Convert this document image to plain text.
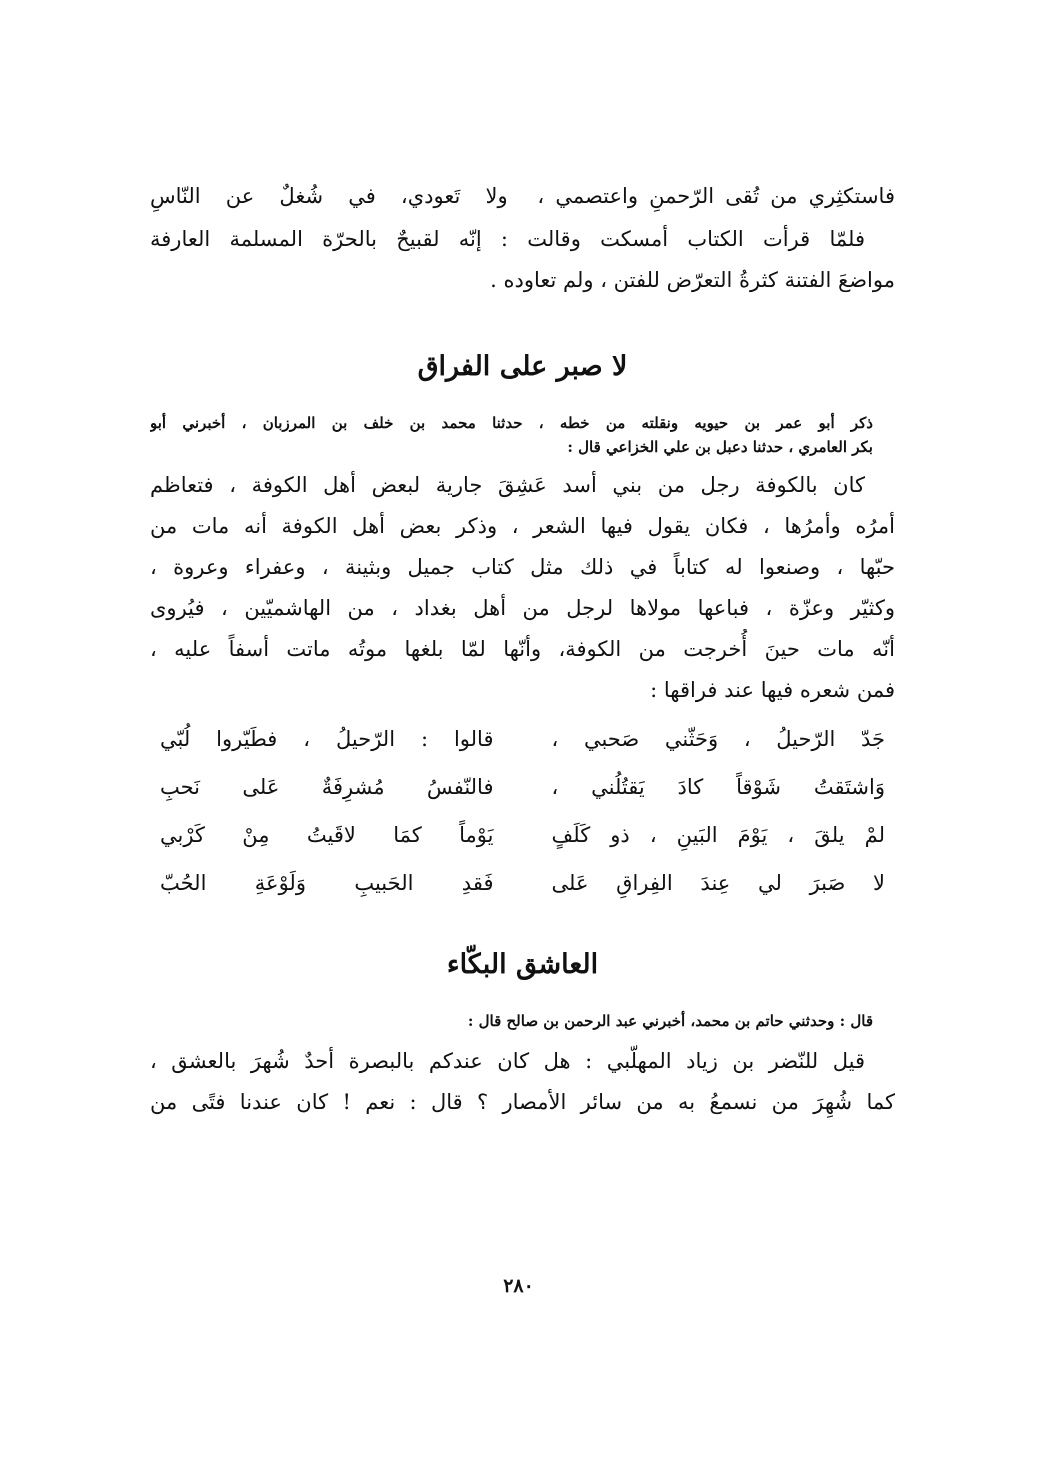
فاستكثِري من تُقى الرّحمنِ واعتصمي ،
ولا تَعودي، في شُغلٌ عن النّاسِ
فلمّا قرأت الكتاب أمسكت وقالت : إنّه لقبيحٌ بالحرّة المسلمة العارفة
مواضعَ الفتنة كثرةُ التعرّض للفتن ، ولم تعاوده .
لا صبر على الفراق
ذكر أبو عمر بن حيويه ونقلته من خطه ، حدثنا محمد بن خلف بن المرزبان ، أخبرني أبو
بكر العامري ، حدثنا دعبل بن علي الخزاعي قال :
كان بالكوفة رجل من بني أسد عَشِقَ جارية لبعض أهل الكوفة ، فتعاظم
أمرُه وأمرُها ، فكان يقول فيها الشعر ، وذكر بعض أهل الكوفة أنه مات من
حبّها ، وصنعوا له كتاباً في ذلك مثل كتاب جميل وبثينة ، وعفراء وعروة ،
وكثيّر وعزّة ، فباعها مولاها لرجل من أهل بغداد ، من الهاشميّين ، فيُروى
أنّه مات حينَ أُخرجت من الكوفة، وأنّها لمّا بلغها موتُه ماتت أسفاً عليه ،
فمن شعره فيها عند فراقها :
جَدّ الرّحيلُ ، وَحَثّني صَحبي ،
قالوا : الرّحيلُ ، فطَيّروا لُبّي
وَاشتَقتُ شَوْقاً كادَ يَقتُلُني ،
فالنّفسُ مُشرِفَةٌ عَلى نَحبِ
لمْ يلقَ ، يَوْمَ البَينِ ، ذو كَلَفٍ
يَوْماً كمَا لاقَيتُ مِنْ كَرْبي
لا صَبرَ لي عِندَ الفِراقِ عَلى
فَقدِ الحَبيبِ وَلَوْعَةِ الحُبّ
العاشق البكّاء
قال : وحدثني حاتم بن محمد، أخبرني عبد الرحمن بن صالح قال :
قيل للنّضر بن زياد المهلّبي : هل كان عندكم بالبصرة أحدٌ شُهرَ بالعشق ،
كما شُهِرَ من نسمعُ به من سائر الأمصار ؟ قال : نعم ! كان عندنا فتًى من
٢٨٠
